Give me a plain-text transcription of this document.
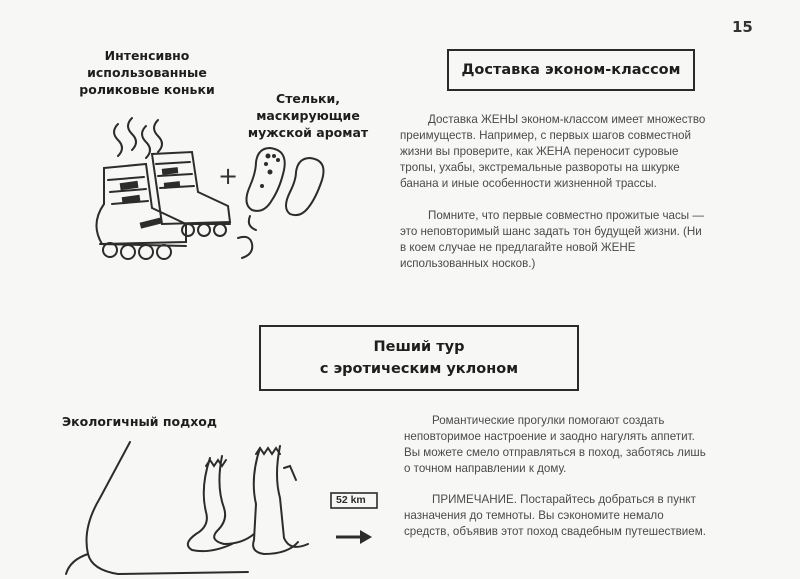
15
Интенсивно
использованные
роликовые коньки
Стельки,
маскирующие
мужской аромат
+
Доставка эконом-классом
Доставка ЖЕНЫ эконом-классом имеет множество
преимуществ. Например, с первых шагов совместной
жизни вы проверите, как ЖЕНА переносит суровые
тропы, ухабы, экстремальные развороты на шкурке
банана и иные особенности жизненной трассы.
Помните, что первые совместно прожитые часы —
это неповторимый шанс задать тон будущей жизни. (Ни
в коем случае не предлагайте новой ЖЕНЕ
использованных носков.)
Пеший тур
с эротическим уклоном
Экологичный подход
52 km
Романтические прогулки помогают создать
неповторимое настроение и заодно нагулять аппетит.
Вы можете смело отправляться в поход, заботясь лишь
о точном направлении к дому.
ПРИМЕЧАНИЕ. Постарайтесь добраться в пункт
назначения до темноты. Вы сэкономите немало
средств, объявив этот поход свадебным путешествием.
